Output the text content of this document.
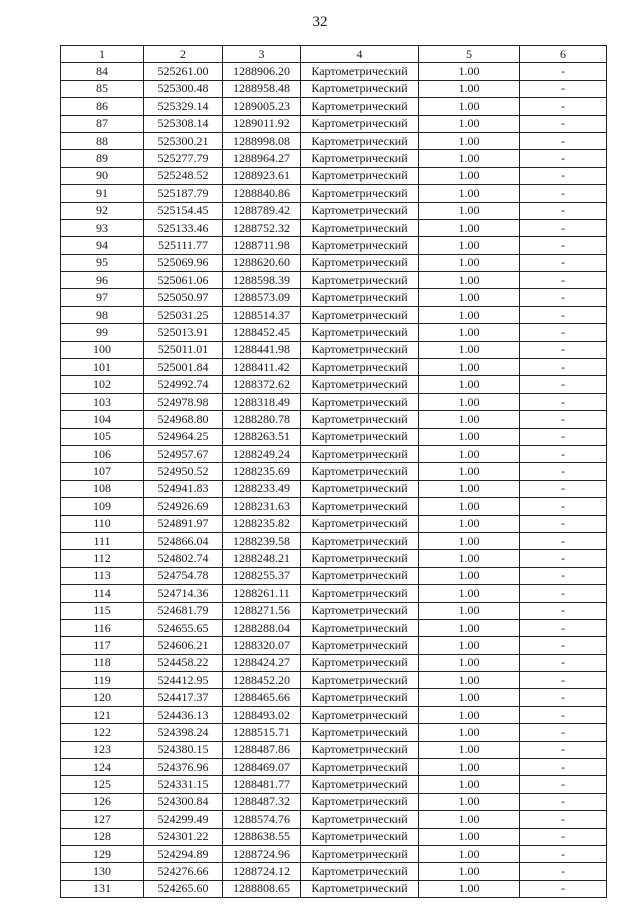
32
1	2	3	4	5	6
84	525261.00	1288906.20	Картометрический	1.00	-
85	525300.48	1288958.48	Картометрический	1.00	-
86	525329.14	1289005.23	Картометрический	1.00	-
87	525308.14	1289011.92	Картометрический	1.00	-
88	525300.21	1288998.08	Картометрический	1.00	-
89	525277.79	1288964.27	Картометрический	1.00	-
90	525248.52	1288923.61	Картометрический	1.00	-
91	525187.79	1288840.86	Картометрический	1.00	-
92	525154.45	1288789.42	Картометрический	1.00	-
93	525133.46	1288752.32	Картометрический	1.00	-
94	525111.77	1288711.98	Картометрический	1.00	-
95	525069.96	1288620.60	Картометрический	1.00	-
96	525061.06	1288598.39	Картометрический	1.00	-
97	525050.97	1288573.09	Картометрический	1.00	-
98	525031.25	1288514.37	Картометрический	1.00	-
99	525013.91	1288452.45	Картометрический	1.00	-
100	525011.01	1288441.98	Картометрический	1.00	-
101	525001.84	1288411.42	Картометрический	1.00	-
102	524992.74	1288372.62	Картометрический	1.00	-
103	524978.98	1288318.49	Картометрический	1.00	-
104	524968.80	1288280.78	Картометрический	1.00	-
105	524964.25	1288263.51	Картометрический	1.00	-
106	524957.67	1288249.24	Картометрический	1.00	-
107	524950.52	1288235.69	Картометрический	1.00	-
108	524941.83	1288233.49	Картометрический	1.00	-
109	524926.69	1288231.63	Картометрический	1.00	-
110	524891.97	1288235.82	Картометрический	1.00	-
111	524866.04	1288239.58	Картометрический	1.00	-
112	524802.74	1288248.21	Картометрический	1.00	-
113	524754.78	1288255.37	Картометрический	1.00	-
114	524714.36	1288261.11	Картометрический	1.00	-
115	524681.79	1288271.56	Картометрический	1.00	-
116	524655.65	1288288.04	Картометрический	1.00	-
117	524606.21	1288320.07	Картометрический	1.00	-
118	524458.22	1288424.27	Картометрический	1.00	-
119	524412.95	1288452.20	Картометрический	1.00	-
120	524417.37	1288465.66	Картометрический	1.00	-
121	524436.13	1288493.02	Картометрический	1.00	-
122	524398.24	1288515.71	Картометрический	1.00	-
123	524380.15	1288487.86	Картометрический	1.00	-
124	524376.96	1288469.07	Картометрический	1.00	-
125	524331.15	1288481.77	Картометрический	1.00	-
126	524300.84	1288487.32	Картометрический	1.00	-
127	524299.49	1288574.76	Картометрический	1.00	-
128	524301.22	1288638.55	Картометрический	1.00	-
129	524294.89	1288724.96	Картометрический	1.00	-
130	524276.66	1288724.12	Картометрический	1.00	-
131	524265.60	1288808.65	Картометрический	1.00	-
